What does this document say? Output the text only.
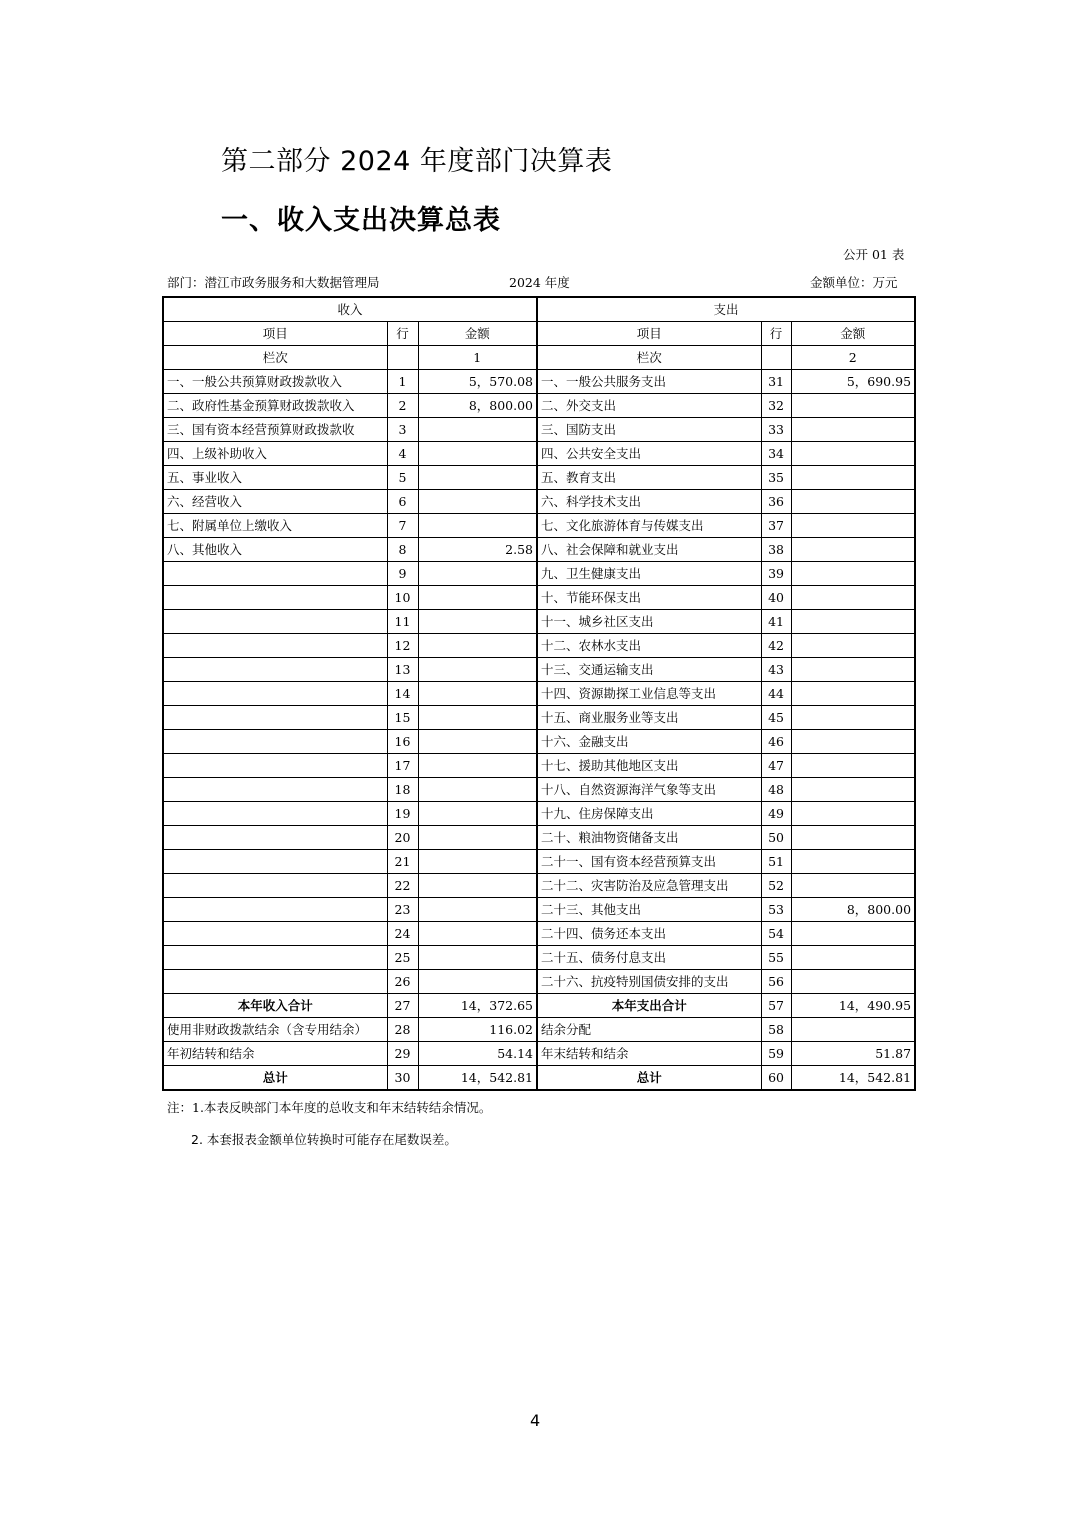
第二部分 2024 年度部门决算表
一、收入支出决算总表
公开 01 表
部门：潜江市政务服务和大数据管理局	2024 年度	金额单位：万元
收入			支出		
项目	行	金额	项目	行	金额
栏次		1	栏次		2
一、一般公共预算财政拨款收入	1	5，570.08	一、一般公共服务支出	31	5，690.95
二、政府性基金预算财政拨款收入	2	8，800.00	二、外交支出	32	
三、国有资本经营预算财政拨款收	3		三、国防支出	33	
四、上级补助收入	4		四、公共安全支出	34	
五、事业收入	5		五、教育支出	35	
六、经营收入	6		六、科学技术支出	36	
七、附属单位上缴收入	7		七、文化旅游体育与传媒支出	37	
八、其他收入	8	2.58	八、社会保障和就业支出	38	
	9		九、卫生健康支出	39	
	10		十、节能环保支出	40	
	11		十一、城乡社区支出	41	
	12		十二、农林水支出	42	
	13		十三、交通运输支出	43	
	14		十四、资源勘探工业信息等支出	44	
	15		十五、商业服务业等支出	45	
	16		十六、金融支出	46	
	17		十七、援助其他地区支出	47	
	18		十八、自然资源海洋气象等支出	48	
	19		十九、住房保障支出	49	
	20		二十、粮油物资储备支出	50	
	21		二十一、国有资本经营预算支出	51	
	22		二十二、灾害防治及应急管理支出	52	
	23		二十三、其他支出	53	8，800.00
	24		二十四、债务还本支出	54	
	25		二十五、债务付息支出	55	
	26		二十六、抗疫特别国债安排的支出	56	
本年收入合计	27	14，372.65	本年支出合计	57	14，490.95
使用非财政拨款结余（含专用结余）	28	116.02	结余分配	58	
年初结转和结余	29	54.14	年末结转和结余	59	51.87
总计	30	14，542.81	总计	60	14，542.81
注：1.本表反映部门本年度的总收支和年末结转结余情况。
2. 本套报表金额单位转换时可能存在尾数误差。
4
